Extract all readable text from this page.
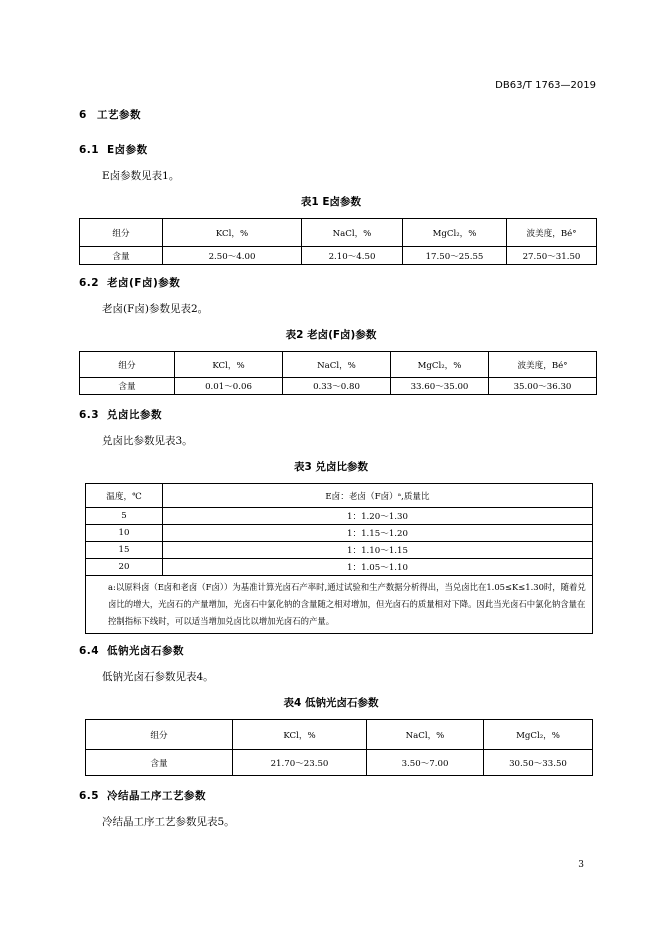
DB63/T 1763—2019
6 工艺参数
6.1 E卤参数
E卤参数见表1。
表1 E卤参数
组分	KCl，%	NaCl，%	MgCl₂，%	波美度，Bé°
含量	2.50～4.00	2.10～4.50	17.50～25.55	27.50～31.50
6.2 老卤(F卤)参数
老卤(F卤)参数见表2。
表2 老卤(F卤)参数
组分	KCl，%	NaCl，%	MgCl₂，%	波美度，Bé°
含量	0.01～0.06	0.33～0.80	33.60～35.00	35.00～36.30
6.3 兑卤比参数
兑卤比参数见表3。
表3 兑卤比参数
温度，℃	E卤：老卤（F卤）ᵃ,质量比
5	1：1.20～1.30
10	1：1.15～1.20
15	1：1.10～1.15
20	1：1.05～1.10
a:以原料卤（E卤和老卤（F卤））为基准计算光卤石产率时,通过试验和生产数据分析得出，当兑卤比在1.05≤K≤1.30时，随着兑卤比的增大，光卤石的产量增加，光卤石中氯化钠的含量随之相对增加，但光卤石的质量相对下降。因此当光卤石中氯化钠含量在控制指标下线时，可以适当增加兑卤比以增加光卤石的产量。	
6.4 低钠光卤石参数
低钠光卤石参数见表4。
表4 低钠光卤石参数
组分	KCl，%	NaCl，%	MgCl₂，%
含量	21.70～23.50	3.50～7.00	30.50～33.50
6.5 冷结晶工序工艺参数
冷结晶工序工艺参数见表5。
3
